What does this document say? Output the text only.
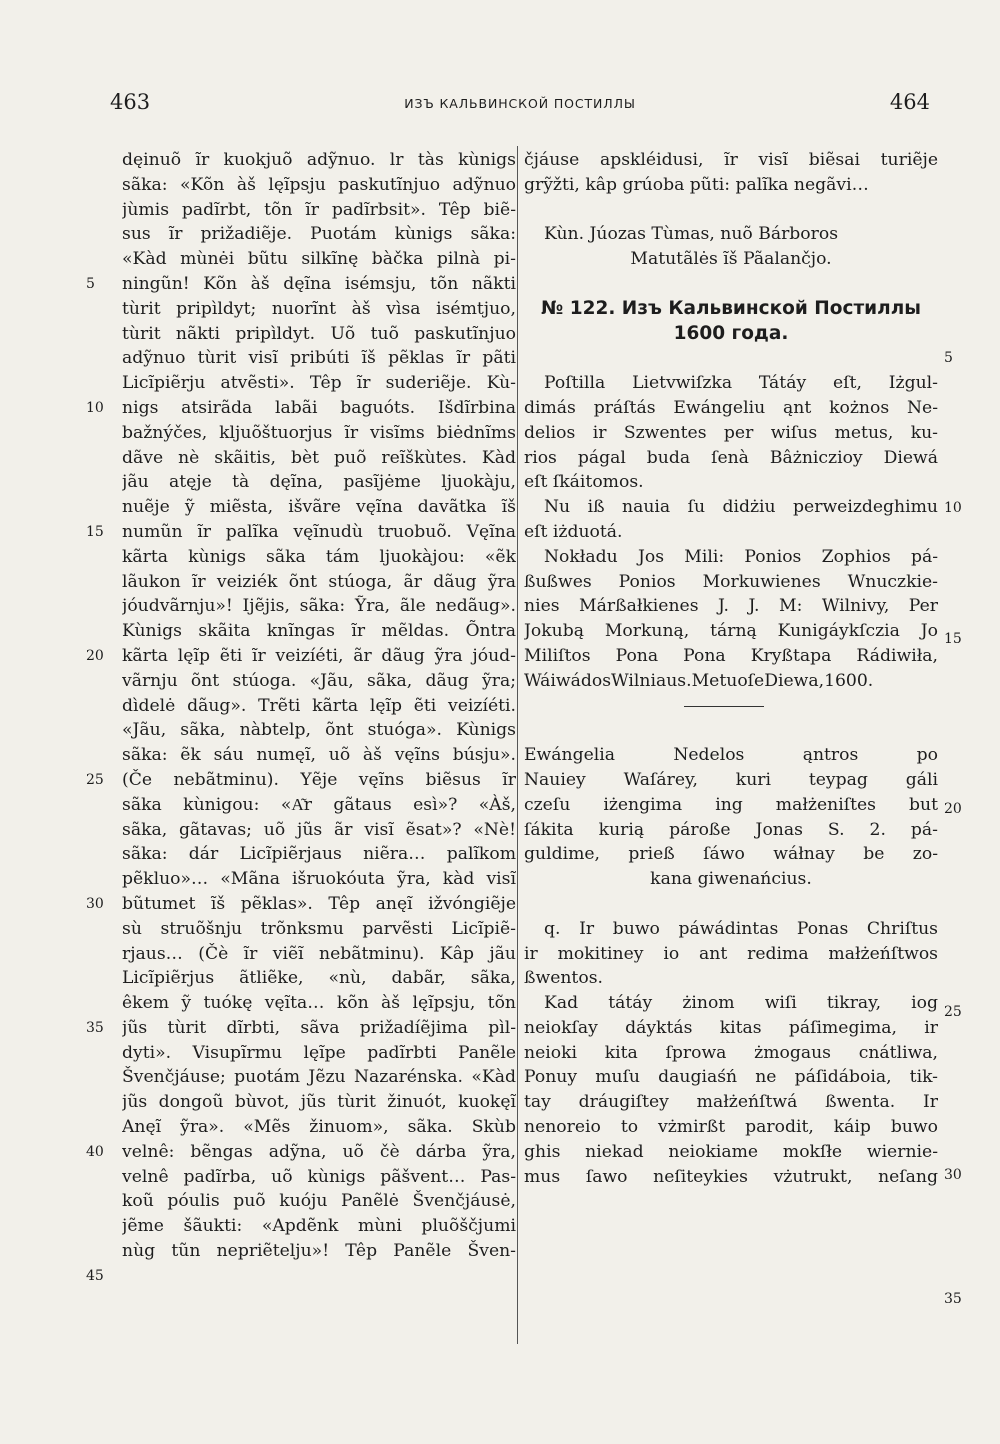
463	ИЗЪ КАЛЬВИНСКОЙ ПОСТИЛЛЫ	464
dęinuõ ĩr kuokjuõ adỹnuo. lr tàs kùnigs
sãka: «Kõn àš lęĩpsju paskutĩnjuo adỹnuo
jùmis padĩrbt, tõn ĩr padĩrbsit». Têp biẽ-
sus ĩr prižadiẽje. Puotám kùnigs sãka:
«Kàd mùnėi bũtu silkĩnę bàčka pilnà pi-
ningũn! Kõn àš dęĩna isémsju, tõn nãkti
tùrit pripìldyt; nuorĩnt àš vìsa isémtjuo,
tùrit nãkti pripìldyt. Uõ tuõ paskutĩnjuo
adỹnuo tùrit visĩ pribúti ĩš pẽklas ĩr pãti
Licĩpiẽrju atvẽsti». Têp ĩr suderiẽje. Kù-
nigs atsirãda labãi baguóts. Išdĩrbina
bažnýčes, kljuõštuorjus ĩr visĩms biėdnĩms
dãve nè skãitis, bèt puõ reĩškùtes. Kàd
jãu atęje tà dęĩna, pasĩjėme ljuokàju,
nuẽje ỹ miẽsta, išvãre vęĩna davãtka ĩš
numũn ĩr palĩka vęĩnudù truobuõ. Vęĩna
kãrta kùnigs sãka tám ljuokàjou: «ẽk
lãukon ĩr veiziék õnt stúoga, ãr dãug ỹra
jóudvãrnju»! Ijẽjis, sãka: Ỹra, ãle nedãug».
Kùnigs skãita knĩngas ĩr mẽldas. Õntra
kãrta lęĩp ẽti ĩr veizíéti, ãr dãug ỹra jóud-
vãrnju õnt stúoga. «Jãu, sãka, dãug ỹra;
dìdelė dãug». Trẽti kãrta lęĩp ẽti veizíéti.
«Jãu, sãka, nàbtelp, õnt stuóga». Kùnigs
sãka: ẽk sáu numęĩ, uõ àš vęĩns búsju».
(Če nebãtminu). Yẽje vęĩns biẽsus ĩr
sãka kùnigou: «A͂r gãtaus esì»? «Àš,
sãka, gãtavas; uõ jũs ãr visĩ ẽsat»? «Nè!
sãka: dár Licĩpiẽrjaus niẽra… palĩkom
pẽkluo»… «Mãna išruokóuta ỹra, kàd visĩ
bũtumet ĩš pẽklas». Têp anęĩ ižvóngiẽje
sù struõšnju trõnksmu parvẽsti Licĩpiẽ-
rjaus… (Čè ĩr viẽĩ nebãtminu). Kâp jãu
Licĩpiẽrjus ãtliẽke, «nù, dabãr, sãka,
êkem ỹ tuókę vęĩta… kõn àš lęĩpsju, tõn
jũs tùrit dĩrbti, sãva prižadíẽjima pìl-
dyti». Visupĩrmu lęĩpe padĩrbti Panẽle
Švenčjáuse; puotám Jẽzu Nazarénska. «Kàd
jũs dongoũ bùvot, jũs tùrit žinuót, kuokęĩ
Anęĩ ỹra». «Mẽs žinuom», sãka. Skùb
velnê: bẽngas adỹna, uõ čè dárba ỹra,
velnê padĩrba, uõ kùnigs pãšvent… Pas-
koũ póulis puõ kuóju Panẽlė Švenčjáusė,
jẽme šãukti: «Apdẽnk mùni pluõščjumi
nùg tũn nepriẽtelju»! Têp Panẽle Šven-
5
10
15
20
25
30
35
40
45
čjáuse apskléidusi, ĩr visĩ biẽsai turiẽje
grỹžti, kâp grúoba pũti: palĩka negãvi…
Kùn. Júozas Tùmas, nuõ Bárboros
Matutãlės ĩš Pãalančjo.
№ 122. Изъ Кальвинской Постиллы
1600 года.
Poſtilla Lietvwiſzka Tátáy eſt, Iżgul-
dimás práſtás Ewángeliu ąnt kożnos Ne-
delios ir Szwentes per wiſus metus, ku-
rios págal buda ſenà Bâżniczioy Diewá
eſt ſkáitomos.
Nu iß nauia ſu didżiu perweizdeghimu
eſt iżduotá.
Nokładu Jos Mili: Ponios Zophios pá-
ßußwes Ponios Morkuwienes Wnuczkie-
nies Márßałkienes J. J. M: Wilnivy, Per
Jokubą Morkuną, tárną Kunigáykſczia Jo
Miliſtos Pona Pona Kryßtapa Rádiwiła,
WáiwádosWilniaus.MetuoſeDiewa,1600.
Ewángelia Nedelos ąntros po
Nauiey Waſárey, kuri teypag gáli
czeſu iżengima ing małżeniſtes but
ſákita kurią pároße Jonas S. 2. pá-
guldime, prieß ſáwo wáłnay be zo-
kana giwenańcius.
q. Ir buwo páwádintas Ponas Chriſtus
ir mokitiney io ant redima małżeńſtwos
ßwentos.
Kad tátáy żinom wiſi tikray, iog
neiokſay dáyktás kitas páſimegima, ir
neioki kita ſprowa żmogaus cnátliwa,
Ponuy muſu daugiaśń ne páſidáboia, tik-
tay dráugiſtey małżeńſtwá ßwenta. Ir
nenoreio to vżmirßt parodit, káip buwo
ghis niekad neiokiame mokſłe wiernie-
mus ſawo neſiteykies vżutrukt, neſang
5
10
15
20
25
30
35
